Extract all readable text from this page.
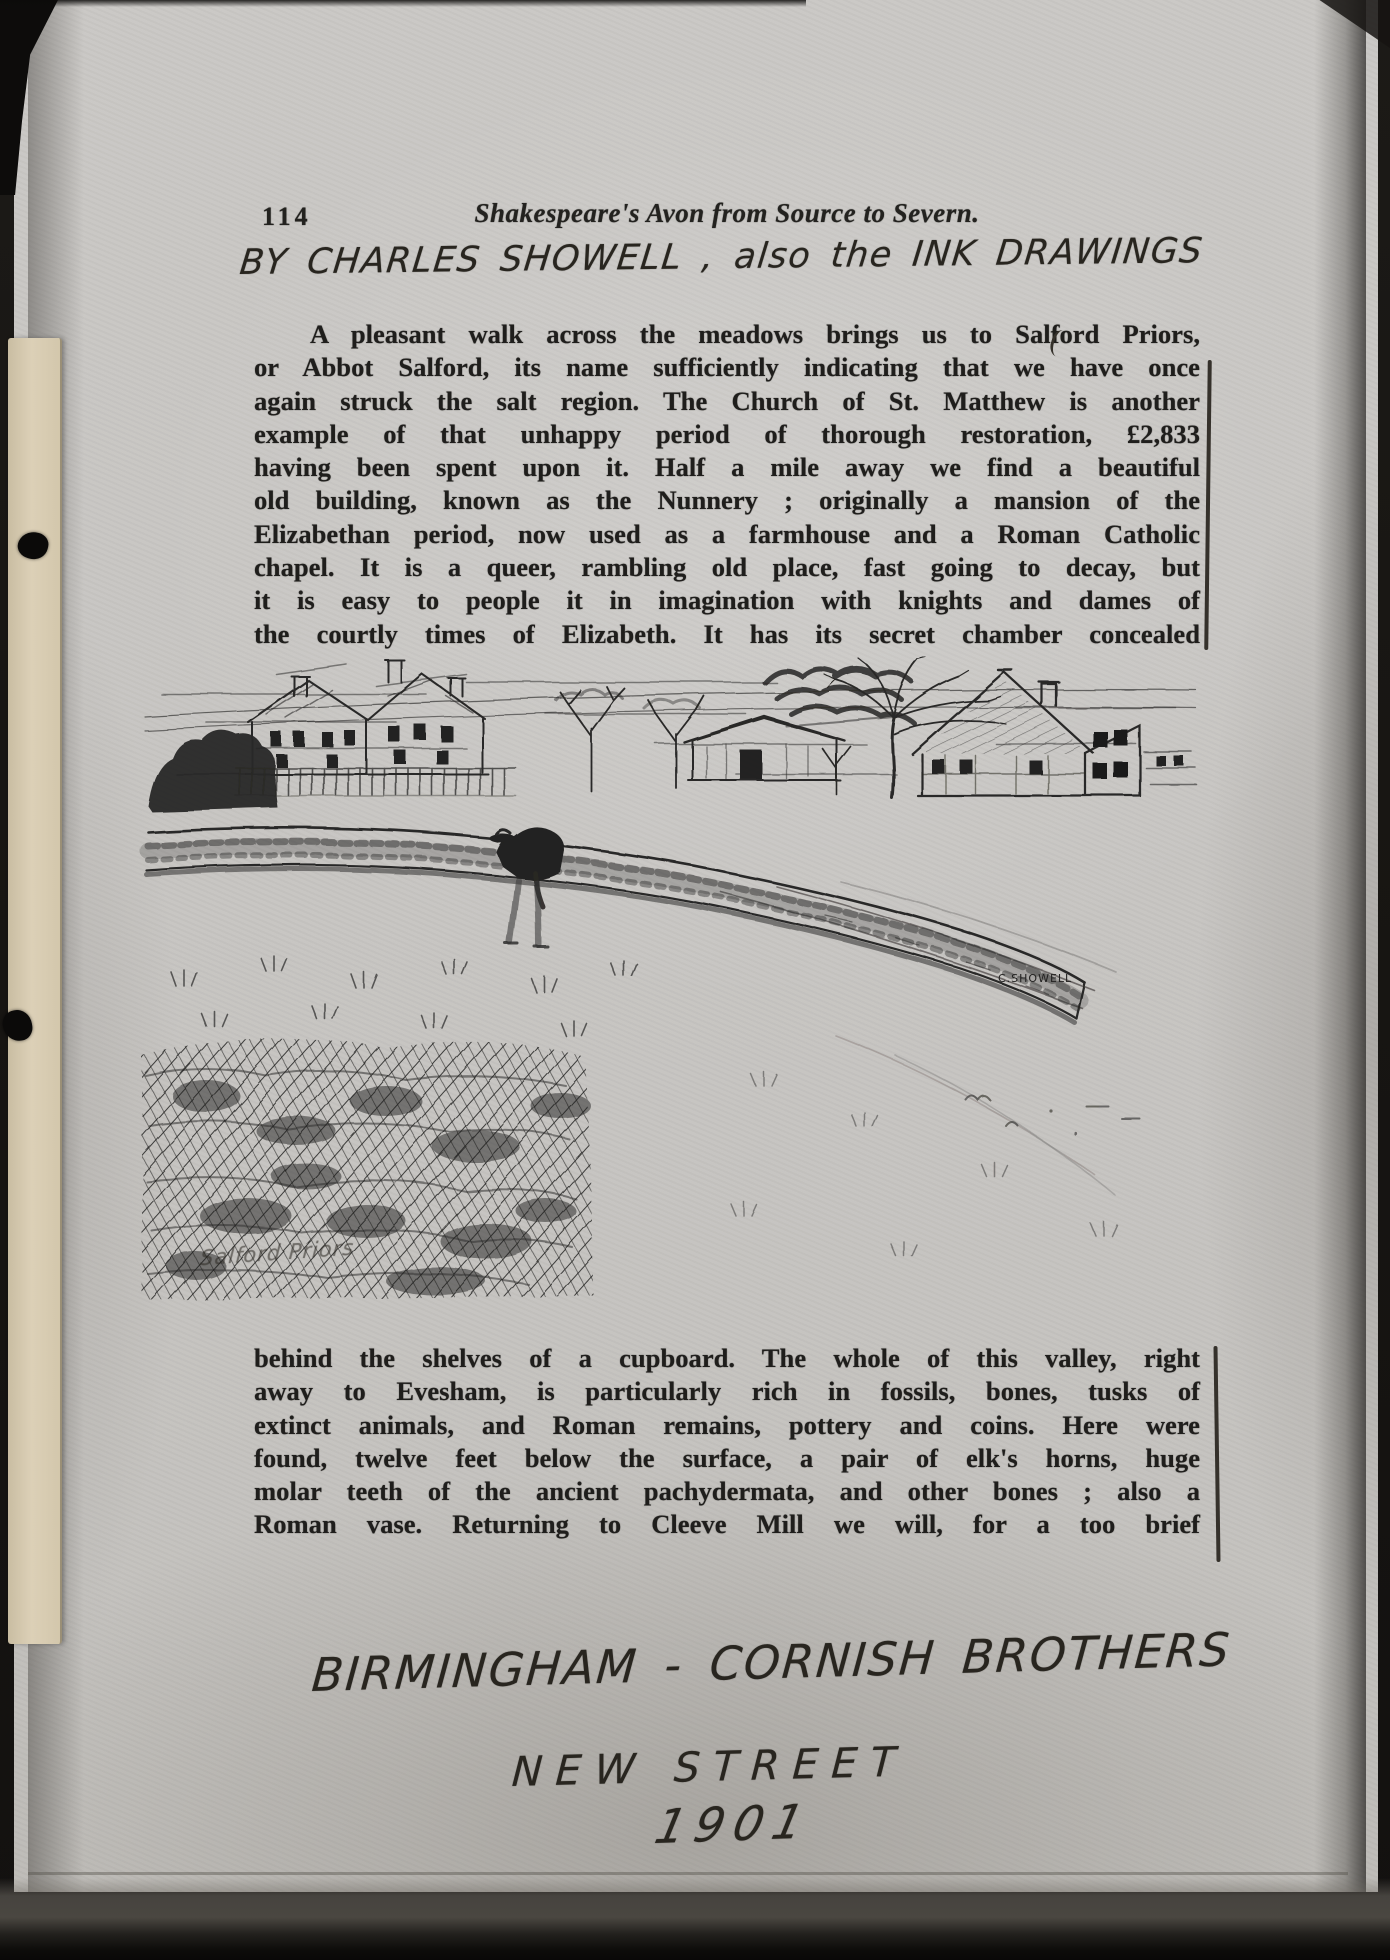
114	Shakespeare's Avon from Source to Severn.
BY CHARLES SHOWELL , also the INK DRAWINGS
A pleasant walk across the meadows brings us to Salford Priors,
or Abbot Salford, its name sufficiently indicating that we have once
again struck the salt region. The Church of St. Matthew is another
example of that unhappy period of thorough restoration, £2,833
having been spent upon it. Half a mile away we find a beautiful
old building, known as the Nunnery ; originally a mansion of the
Elizabethan period, now used as a farmhouse and a Roman Catholic
chapel. It is a queer, rambling old place, fast going to decay, but
it is easy to people it in imagination with knights and dames of
the courtly times of Elizabeth. It has its secret chamber concealed
C.SHOWELL
Salford Priors
behind the shelves of a cupboard. The whole of this valley, right
away to Evesham, is particularly rich in fossils, bones, tusks of
extinct animals, and Roman remains, pottery and coins. Here were
found, twelve feet below the surface, a pair of elk's horns, huge
molar teeth of the ancient pachydermata, and other bones ; also a
Roman vase. Returning to Cleeve Mill we will, for a too brief
BIRMINGHAM - CORNISH BROTHERS
NEW STREET
1901
